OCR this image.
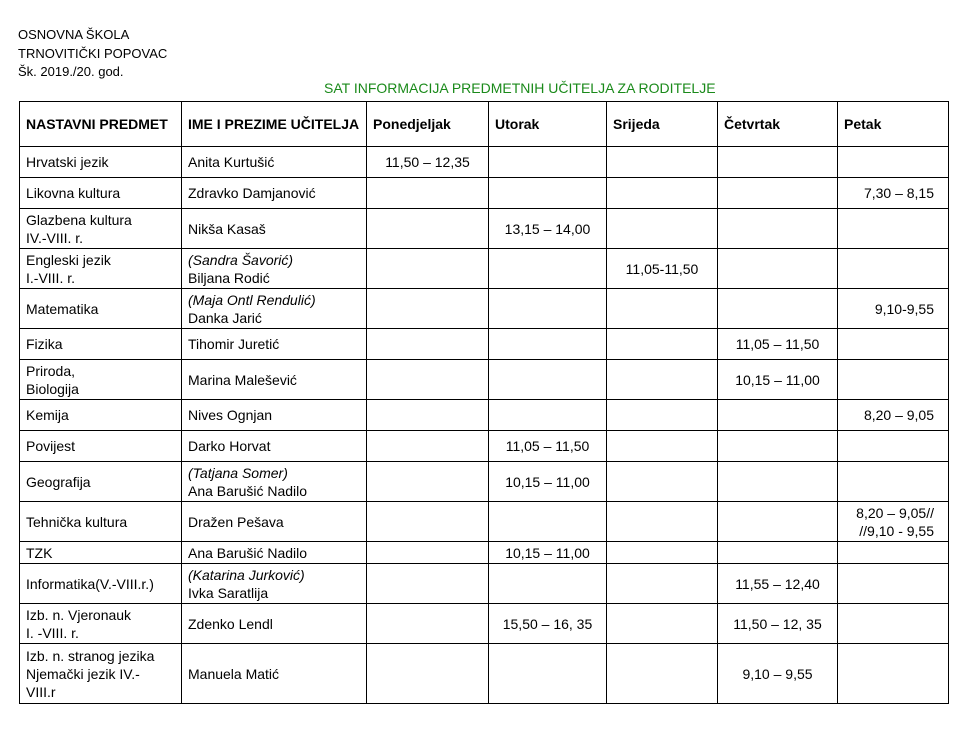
OSNOVNA ŠKOLA
TRNOVITIČKI POPOVAC
Šk. 2019./20. god.
SAT INFORMACIJA PREDMETNIH UČITELJA ZA RODITELJE
NASTAVNI PREDMET	IME I PREZIME UČITELJA	Ponedjeljak	Utorak	Srijeda	Četvrtak	Petak

Hrvatski jezik	Anita Kurtušić	11,50 – 12,35				

Likovna kultura	Zdravko Damjanović					7,30 – 8,15

Glazbena kultura
IV.-VIII. r.	Nikša Kasaš		13,15 – 14,00			

Engleski jezik
I.-VIII. r.	(Sandra Šavorić)
Biljana Rodić			11,05-11,50		

Matematika	(Maja Ontl Rendulić)
Danka Jarić					9,10-9,55

Fizika	Tihomir Juretić				11,05 – 11,50	

Priroda,
Biologija	Marina Malešević				10,15 – 11,00	

Kemija	Nives Ognjan					8,20 – 9,05

Povijest	Darko Horvat		11,05 – 11,50			

Geografija	(Tatjana Somer)
Ana Barušić Nadilo		10,15 – 11,00			

Tehnička kultura	Dražen Pešava					8,20 – 9,05// //9,10 - 9,55

TZK	Ana Barušić Nadilo		10,15 – 11,00			

Informatika(V.-VIII.r.)	(Katarina Jurković)
Ivka Saratlija				11,55 – 12,40	

Izb. n. Vjeronauk
I. -VIII. r.	Zdenko Lendl		15,50 – 16, 35		11,50 – 12, 35	

Izb. n. stranog jezika
Njemački jezik IV.-
VIII.r	Manuela Matić				9,10 – 9,55	
